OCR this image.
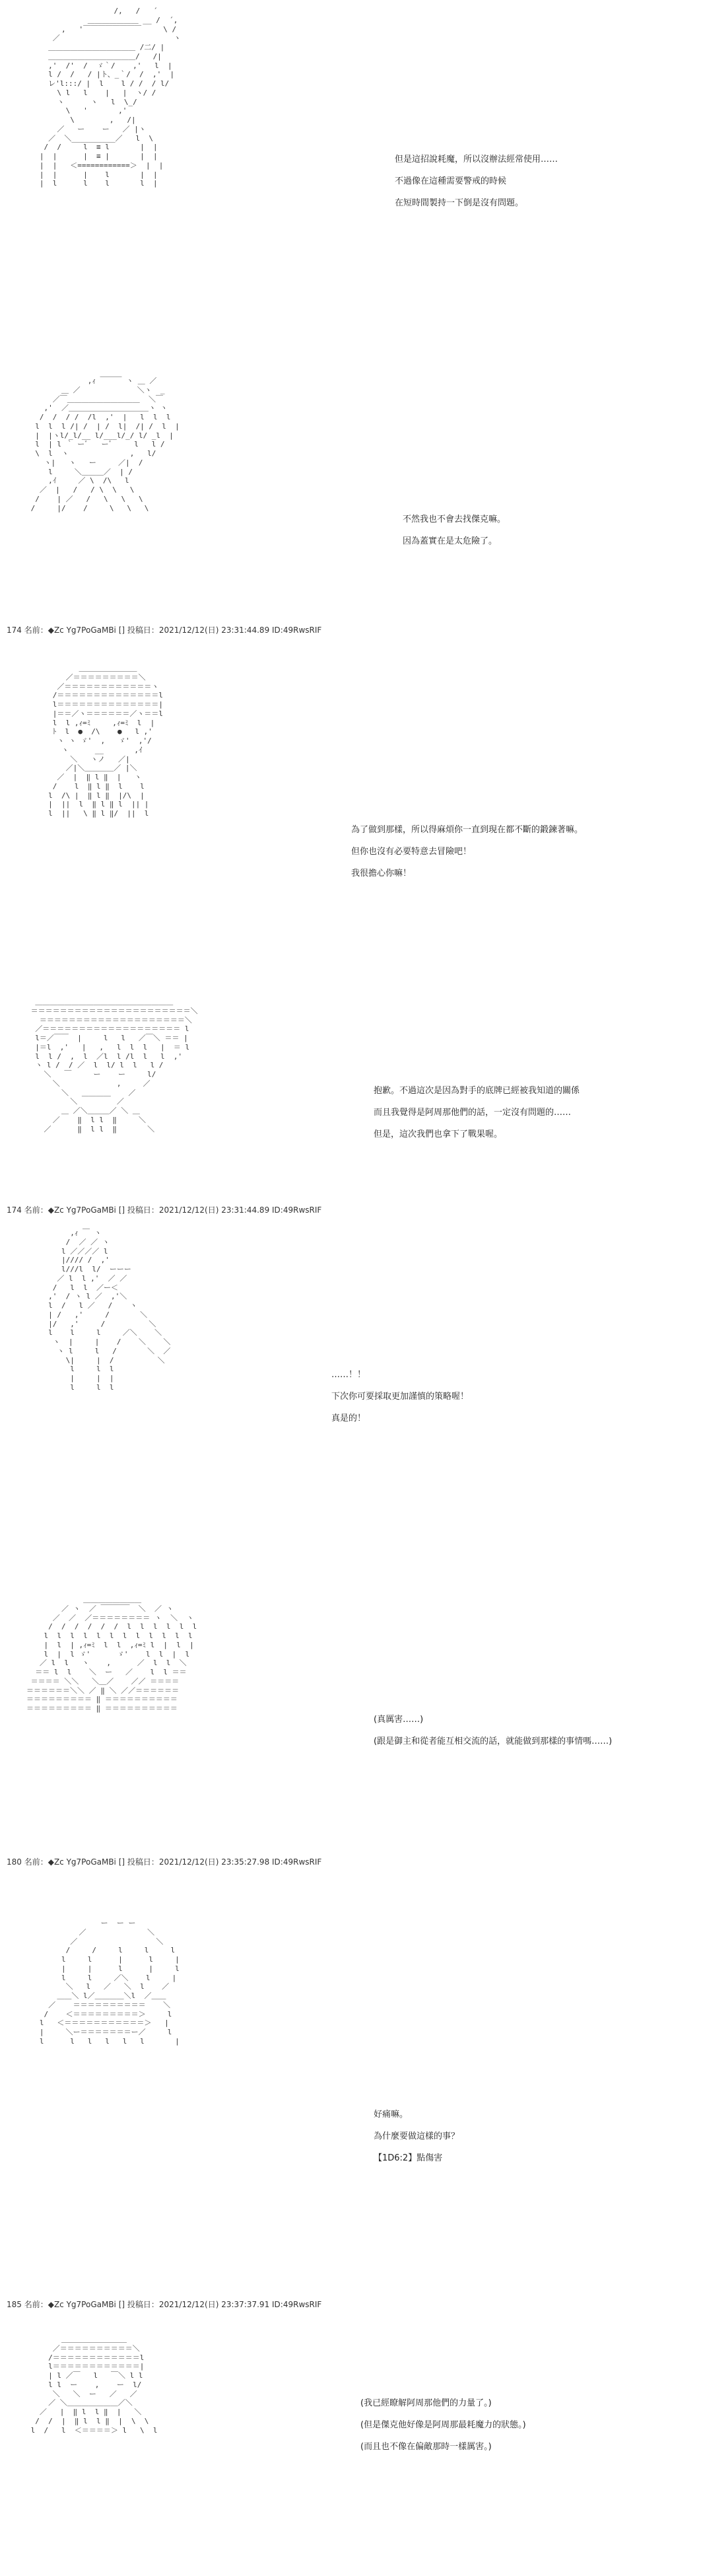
/,   /   ´
＿＿＿＿＿＿＿ __ /  ´,
,   '￣￣￣￣￣￣￣￣     \ /
／                          ヽ
＿＿＿＿＿＿＿＿＿＿＿＿ /二/ |
＿＿＿＿＿＿＿＿＿＿＿＿/   /|
,'  /'  /  ゞ｀/    ,'   l  |
l /  /   / |ト、_｀/  /  ,'  |
レ'l:::/ |  l    l / /  / l/
\ l   l    |   |  ヽ/ /
ヽ      ヽ   l  \_/
\   '       ,'
\        ,   /|
／   ー    ー   ／ |ヽ
／  ＼__________／   l  \
/  /     l  ≡ l       |  |
|  |      |  ≡ |       |  |
|  |   ＜============＞  |  |
|  |      |    l       |  |
|  l      l    l       l  |
但是這招說耗魔，所以沒辦法經常使用……
不過像在這種需要警戒的時候
在短時間製持一下倒是沒有問題。
,ｨ ￣￣￣ ヽ ＿ ／
＿ ／             ＼ヽ  _
／￣＿＿＿＿＿＿＿＿＿＿  ＼￣
,'  ／＿＿＿＿＿＿＿＿＿＿＿ヽ ヽ
/  /  / /  /l  ,'  |   l  l  l
l  l  l /| /  | /  l|  /| /  l  |
|  |ヽl/_l/__ l/___l/_/ l/ _l  |
l  | l ｀ ーﾞ   ーﾞ     l   l /
\  l  ヽ              ,   l/
ヽ|   ヽ   ー     ／|  /
l     ＼＿＿＿／  | /
,ｲ     ／ \  /\   l
／  |   /   / \  \   \
/    | ／   /   \   \   \
/     |/    /     \   \   \
不然我也不會去找傑克嘛。
因為蓋實在是太危險了。
174 名前：◆Zc Yg7PoGaMBi [] 投稿日：2021/12/12(日) 23:31:44.89 ID:49RwsRIF
＿＿＿＿＿＿＿＿
／＝＝＝＝＝＝＝＝＝＼
／＝＝＝＝＝＝＝＝＝＝＝＝ヽ
/＝＝＝＝＝＝＝＝＝＝＝＝＝＝l
l＝＝＝＝＝＝＝＝＝＝＝＝＝＝|
|＝＝／ヽ＝＝＝＝＝＝／ヽ＝＝l
l  l ,ｨ=ﾐ     ,ｨ=ﾐ  l  |
ﾄ  l  ●  /\    ●   l ,'
ヽ ヽ ゞ'  ,   ゞ'  ,'/
ヽ      __       ,ｲ
＼   ヽノ   ／|
／|＼＿＿＿＿／ |＼
／  |  ‖ l ‖  |   ヽ
/    l  ‖ l ‖  l    l
l  /\ |  ‖ l ‖  |/\  |
|  ||  l  ‖ l ‖ l  || |
l  ||   \ ‖ l ‖/  ||  l
為了做到那樣，所以得麻煩你一直到現在都不斷的鍛鍊著嘛。
但你也沒有必要特意去冒險吧！
我很擔心你嘛！
＿＿＿＿＿＿＿＿＿＿＿＿＿＿＿＿＿＿＿
＝＝＝＝＝＝＝＝＝＝＝＝＝＝＝＝＝＝＝＝＝＝＼
＝＝＝＝＝＝＝＝＝＝＝＝＝＝＝＝＝＝＝＝＼
／＝＝＝＝＝＝＝＝＝＝＝＝＝＝＝＝＝＝＝ l
l＝／￣￣  |     l   l   ／￣＼ ＝＝ |
|＝l  ,'   |   ,   l  l  l   |  ＝ l
l  l /  ,  l  ／l  l /l  l   l  ,'
ヽ l /  / ／  l  l/ l  l   l /
＼   ￣     ー    ー     l/
＼             ,     ／
＼   ＿＿＿＿    ／
＼         ／
＿ ／＼＿＿＿／ ＼ ＿
／    ‖  l l  ‖     ＼
／      ‖  l l  ‖       ＼
抱歉。不過這次是因為對手的底牌已經被我知道的關係
而且我覺得是阿周那他們的話，一定沒有問題的……
但是，這次我們也拿下了戰果喔。
174 名前：◆Zc Yg7PoGaMBi [] 投稿日：2021/12/12(日) 23:31:44.89 ID:49RwsRIF
,ｨ ￣ ヽ
/  ／ ／ ヽ
l ／／／／ l
|//// /  ,'
l///l  l/  ーーー
／ l  l ,'  ／ ／
/   l  l  ／ー＜
,'  / ヽ l ／  ,'＼
l  /   l ／   /    ヽ
| /   ,'     /       ＼
|/   ,'     /          ＼
l    l     l     ／＼    ＼
ヽ  |     |    /    ＼    ＼
ヽ l     l   /       ＼  ／
\|     |  /          ＼
l     l  l
|     |  |
l     l  l
……！！
下次你可要採取更加謹慎的策略喔！
真是的！
＿＿＿＿＿＿＿＿
／ ヽ  ／ ￣￣￣￣  ＼  ／ ヽ
／  ／  ／＝＝＝＝＝＝＝＝ ヽ  ＼  ヽ
/  /  /  /  /  /  l  l  l  l  l  l
l  l  l  l  l  l  l  l  l  l  l  l
|  l  | ,ｨ=ﾐ  l  l  ,ｨ=ﾐ l  |  l  |
l  |  l ゞ'      ゞ'    l  l  |  l
／ l  l   ヽ    ,      ／  l  l  ＼
＝＝ l  l    ＼  ー   ／    l  l ＝＝
＝＝＝＝ ＼＼   ＼＿／    ／／ ＝＝＝＝
＝＝＝＝＝＝＼＼ ／ ‖ ＼ ／／＝＝＝＝＝＝
＝＝＝＝＝＝＝＝＝ ‖ ＝＝＝＝＝＝＝＝＝＝
＝＝＝＝＝＝＝＝＝ ‖ ＝＝＝＝＝＝＝＝＝＝
(真厲害……)
(跟是御主和從者能互相交流的話，就能做到那樣的事情嗎……)
180 名前：◆Zc Yg7PoGaMBi [] 投稿日：2021/12/12(日) 23:35:27.98 ID:49RwsRIF
ー  ー ー
／              ＼
／                  ＼
/     /     l     l     l
l     l      |      l     |
|     |      l      |     l
l     l     ／＼    l     |
＼   l   ／   ＼  l    ／
＿＿＼ l／＿＿＿＿＼l  ／＿＿
／    ＝＝＝＝＝＝＝＝＝＝    ＼
/    ＜＝＝＝＝＝＝＝＝＝＞     l
l   ＜＝＝＝＝＝＝＝＝＝＝＝＞   |
|     ＼ー＝＝＝＝＝＝＝ー／     l
l      l   l   l   l   l       |
好痛嘛。
為什麼要做這樣的事？
【1D6:2】點傷害
185 名前：◆Zc Yg7PoGaMBi [] 投稿日：2021/12/12(日) 23:37:37.91 ID:49RwsRIF
＿＿＿＿＿＿＿＿＿
／＝＝＝＝＝＝＝＝＝＝＼
/＝＝＝＝＝＝＝＝＝＝＝＝l
l＝＝＝＝＝＝＝＝＝＝＝＝|
| l ／￣   l   ￣＼ l l
l l  ー    ,    ー  l/
＼   ＼  ー   ／   ／
／ ＼＿＿＿＿＿＿＿／＼
／   |  ‖ l  l ‖  |   ＼
/  /  |  ‖ l  l ‖  |  \  \
l  /   l  ＜＝＝＝＝＞ l   \  l
(我已經瞭解阿周那他們的力量了。)
(但是傑克他好像是阿周那最耗魔力的狀態。)
(而且也不像在偏敵那時一樣厲害。)
